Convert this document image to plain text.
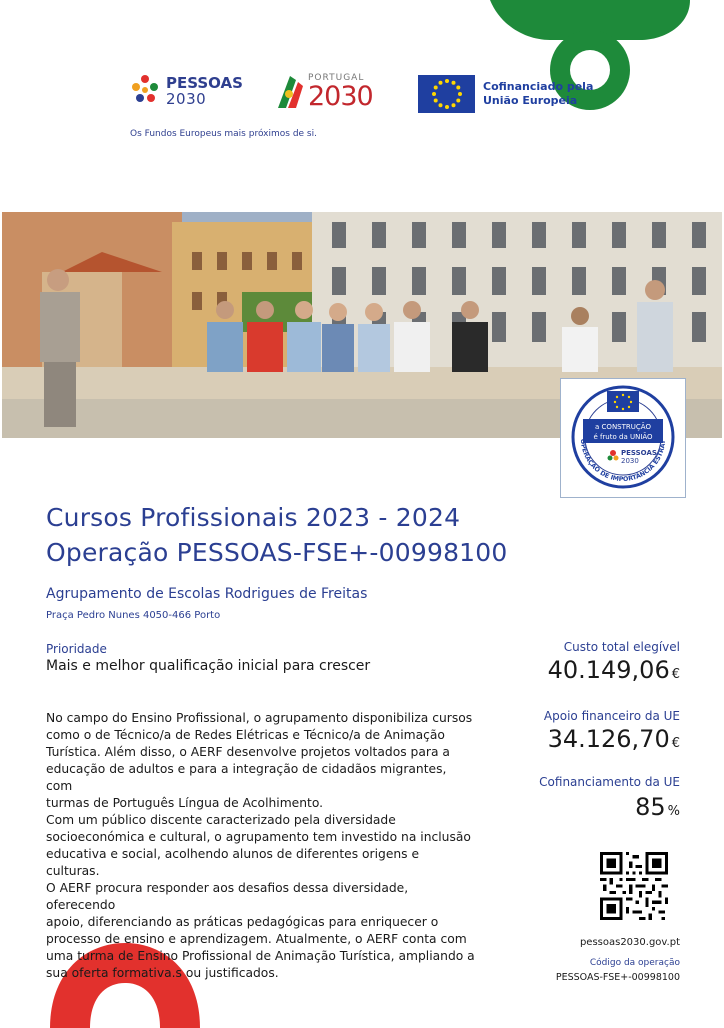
PESSOAS
2030
Os Fundos Europeus mais próximos de si.
PORTUGAL
2030	Cofinanciado pela União Europeia
a CONSTRUÇÃO
é fruto da UNIÃO
PESSOAS
2030
OPERAÇÃO DE IMPORTÂNCIA ESTRAT
Cursos Profissionais 2023 - 2024
Operação PESSOAS-FSE+-00998100
Agrupamento de Escolas Rodrigues de Freitas
Praça Pedro Nunes 4050-466 Porto
Prioridade
Mais e melhor qualificação inicial para crescer
No campo do Ensino Profissional, o agrupamento disponibiliza cursos
como o de Técnico/a de Redes Elétricas e Técnico/a de Animação
Turística. Além disso, o AERF desenvolve projetos voltados para a
educação de adultos e para a integração de cidadãos migrantes, com
turmas de Português Língua de Acolhimento.
Com um público discente caracterizado pela diversidade
socioeconómica e cultural, o agrupamento tem investido na inclusão
educativa e social, acolhendo alunos de diferentes origens e culturas.
O AERF procura responder aos desafios dessa diversidade, oferecendo
apoio, diferenciando as práticas pedagógicas para enriquecer o
processo de ensino e aprendizagem. Atualmente, o AERF conta com
uma turma de Ensino Profissional de Animação Turística, ampliando a
sua oferta formativa.s ou justificados.
Custo total elegível
40.149,06 €
Apoio financeiro da UE
34.126,70 €
Cofinanciamento da UE
85 %
pessoas2030.gov.pt
Código da operação
PESSOAS-FSE+-00998100
